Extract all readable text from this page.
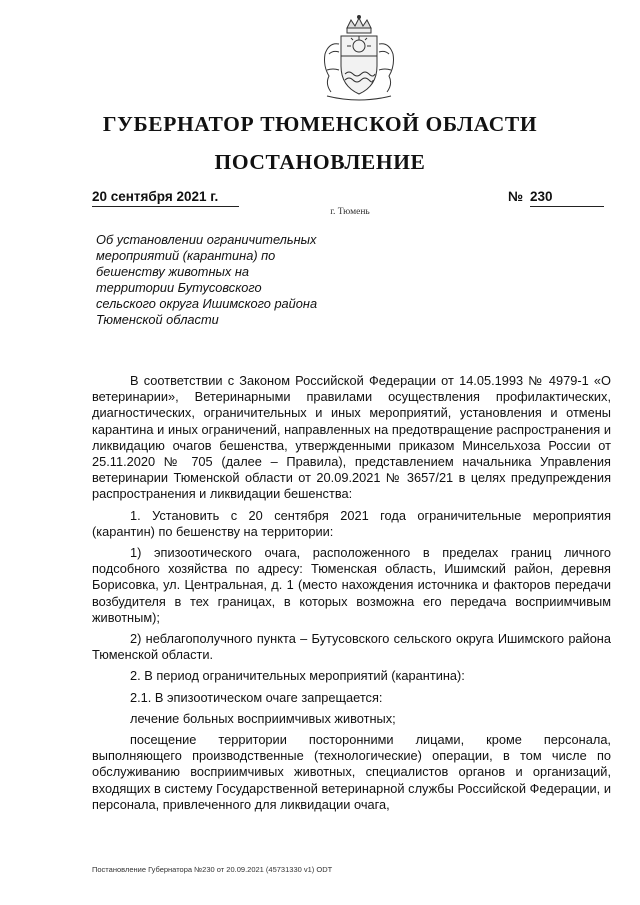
ГУБЕРНАТОР ТЮМЕНСКОЙ ОБЛАСТИ
ПОСТАНОВЛЕНИЕ
20 сентября 2021 г.	№ 230
г. Тюмень
Об установлении ограничительных
мероприятий (карантина) по
бешенству животных на
территории Бутусовского
сельского округа Ишимского района
Тюменской области

В соответствии с Законом Российской Федерации от 14.05.1993 № 4979-1 «О ветеринарии», Ветеринарными правилами осуществления профилактических, диагностических, ограничительных и иных мероприятий, установления и отмены карантина и иных ограничений, направленных на предотвращение распространения и ликвидацию очагов бешенства, утвержденными приказом Минсельхоза России от 25.11.2020 № 705 (далее – Правила), представлением начальника Управления ветеринарии Тюменской области от 20.09.2021 № 3657/21 в целях предупреждения распространения и ликвидации бешенства:

1. Установить с 20 сентября 2021 года ограничительные мероприятия (карантин) по бешенству на территории:

1) эпизоотического очага, расположенного в пределах границ личного подсобного хозяйства по адресу: Тюменская область, Ишимский район, деревня Борисовка, ул. Центральная, д. 1 (место нахождения источника и факторов передачи возбудителя в тех границах, в которых возможна его передача восприимчивым животным);

2) неблагополучного пункта – Бутусовского сельского округа Ишимского района Тюменской области.

2. В период ограничительных мероприятий (карантина):

2.1. В эпизоотическом очаге запрещается:

лечение больных восприимчивых животных;

посещение территории посторонними лицами, кроме персонала, выполняющего производственные (технологические) операции, в том числе по обслуживанию восприимчивых животных, специалистов органов и организаций, входящих в систему Государственной ветеринарной службы Российской Федерации, и персонала, привлеченного для ликвидации очага,

Постановление Губернатора №230 от 20.09.2021 (45731330 v1) ODT
